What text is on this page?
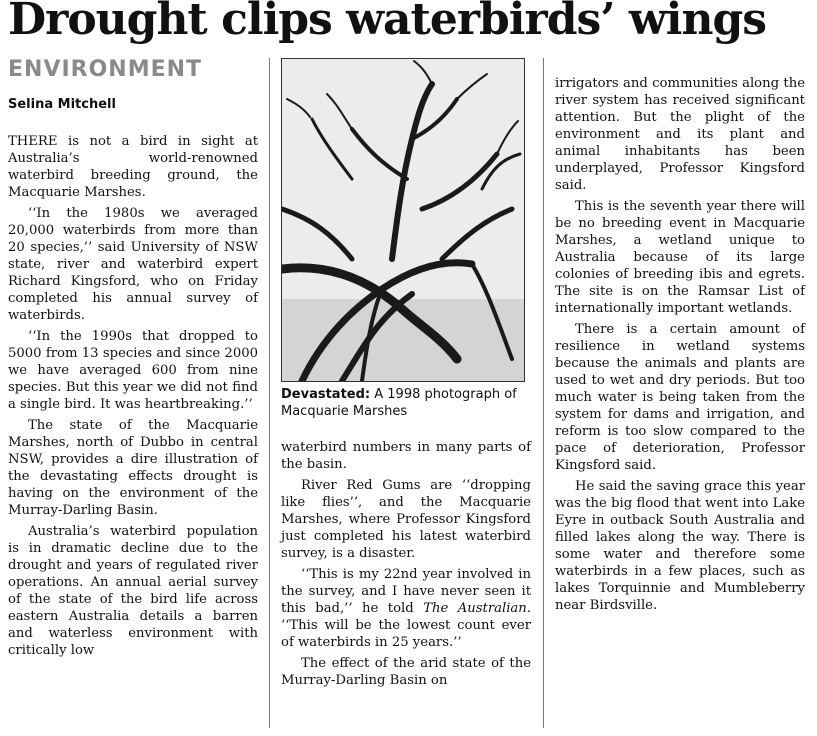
Drought clips waterbirds’ wings
ENVIRONMENT
Selina Mitchell

THERE is not a bird in sight at Australia’s world-renowned waterbird breeding ground, the Macquarie Marshes.

‘‘In the 1980s we averaged 20,000 waterbirds from more than 20 species,’’ said University of NSW state, river and waterbird expert Richard Kingsford, who on Friday completed his annual survey of waterbirds.

‘‘In the 1990s that dropped to 5000 from 13 species and since 2000 we have averaged 600 from nine species. But this year we did not find a single bird. It was heartbreaking.’’

The state of the Macquarie Marshes, north of Dubbo in central NSW, provides a dire illustration of the devastating effects drought is having on the environment of the Murray-Darling Basin.

Australia’s waterbird population is in dramatic decline due to the drought and years of regulated river operations. An annual aerial survey of the state of the bird life across eastern Australia details a barren and waterless environment with critically low

Devastated: A 1998 photograph of Macquarie Marshes

waterbird numbers in many parts of the basin.

River Red Gums are ‘‘dropping like flies’’, and the Macquarie Marshes, where Professor Kingsford just completed his latest waterbird survey, is a disaster.

‘‘This is my 22nd year involved in the survey, and I have never seen it this bad,’’ he told The Australian. ‘‘This will be the lowest count ever of waterbirds in 25 years.’’

The effect of the arid state of the Murray-Darling Basin on

irrigators and communities along the river system has received significant attention. But the plight of the environment and its plant and animal inhabitants has been underplayed, Professor Kingsford said.

This is the seventh year there will be no breeding event in Macquarie Marshes, a wetland unique to Australia because of its large colonies of breeding ibis and egrets. The site is on the Ramsar List of internationally important wetlands.

There is a certain amount of resilience in wetland systems because the animals and plants are used to wet and dry periods. But too much water is being taken from the system for dams and irrigation, and reform is too slow compared to the pace of deterioration, Professor Kingsford said.

He said the saving grace this year was the big flood that went into Lake Eyre in outback South Australia and filled lakes along the way. There is some water and therefore some waterbirds in a few places, such as lakes Torquinnie and Mumbleberry near Birdsville.
